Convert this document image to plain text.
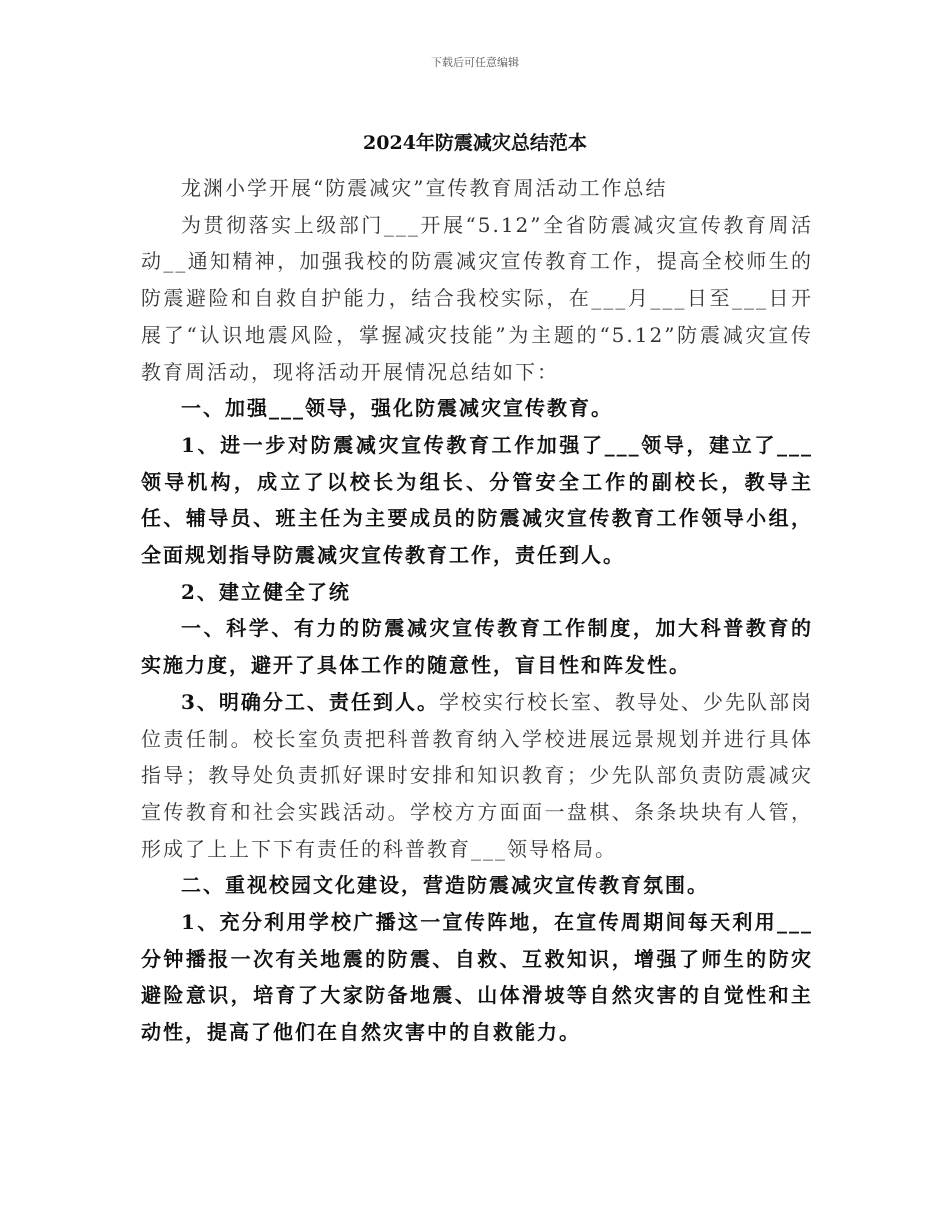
下载后可任意编辑
2024年防震减灾总结范本

龙渊小学开展“防震减灾”宣传教育周活动工作总结

为贯彻落实上级部门___开展“5.12”全省防震减灾宣传教育周活动__通知精神，加强我校的防震减灾宣传教育工作，提高全校师生的防震避险和自救自护能力，结合我校实际，在___月___日至___日开展了“认识地震风险，掌握减灾技能”为主题的“5.12”防震减灾宣传教育周活动，现将活动开展情况总结如下：

一、加强___领导，强化防震减灾宣传教育。

1、进一步对防震减灾宣传教育工作加强了___领导，建立了___领导机构，成立了以校长为组长、分管安全工作的副校长，教导主任、辅导员、班主任为主要成员的防震减灾宣传教育工作领导小组，全面规划指导防震减灾宣传教育工作，责任到人。

2、建立健全了统

一、科学、有力的防震减灾宣传教育工作制度，加大科普教育的实施力度，避开了具体工作的随意性，盲目性和阵发性。

3、明确分工、责任到人。学校实行校长室、教导处、少先队部岗位责任制。校长室负责把科普教育纳入学校进展远景规划并进行具体指导；教导处负责抓好课时安排和知识教育；少先队部负责防震减灾宣传教育和社会实践活动。学校方方面面一盘棋、条条块块有人管，形成了上上下下有责任的科普教育___领导格局。

二、重视校园文化建设，营造防震减灾宣传教育氛围。

1、充分利用学校广播这一宣传阵地，在宣传周期间每天利用___分钟播报一次有关地震的防震、自救、互救知识，增强了师生的防灾避险意识，培育了大家防备地震、山体滑坡等自然灾害的自觉性和主动性，提高了他们在自然灾害中的自救能力。
